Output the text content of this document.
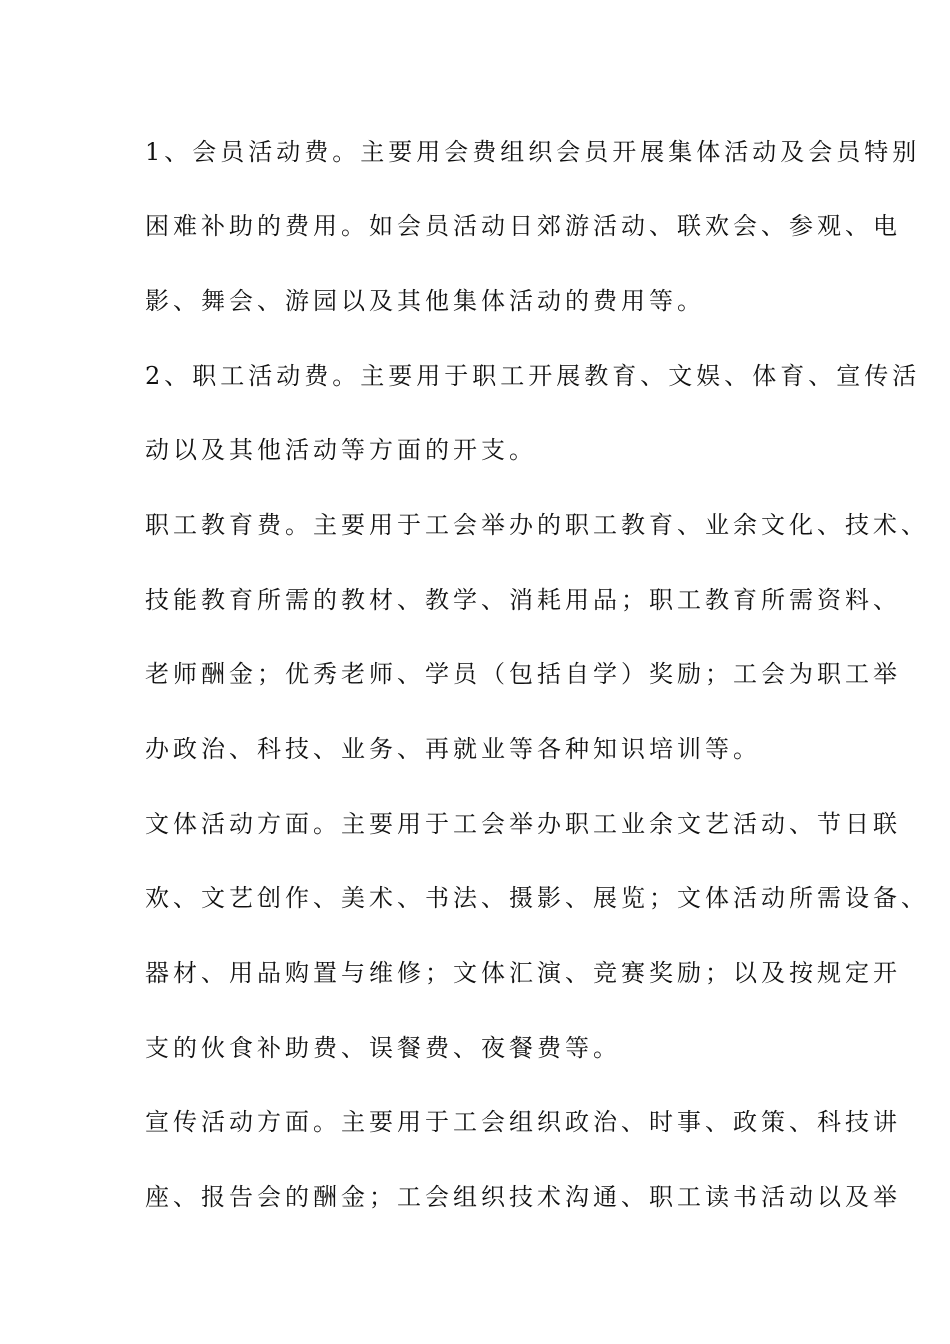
1、会员活动费。主要用会费组织会员开展集体活动及会员特别
困难补助的费用。如会员活动日郊游活动、联欢会、参观、电
影、舞会、游园以及其他集体活动的费用等。
2、职工活动费。主要用于职工开展教育、文娱、体育、宣传活
动以及其他活动等方面的开支。
职工教育费。主要用于工会举办的职工教育、业余文化、技术、
技能教育所需的教材、教学、消耗用品；职工教育所需资料、
老师酬金；优秀老师、学员（包括自学）奖励；工会为职工举
办政治、科技、业务、再就业等各种知识培训等。
文体活动方面。主要用于工会举办职工业余文艺活动、节日联
欢、文艺创作、美术、书法、摄影、展览；文体活动所需设备、
器材、用品购置与维修；文体汇演、竞赛奖励；以及按规定开
支的伙食补助费、误餐费、夜餐费等。
宣传活动方面。主要用于工会组织政治、时事、政策、科技讲
座、报告会的酬金；工会组织技术沟通、职工读书活动以及举
